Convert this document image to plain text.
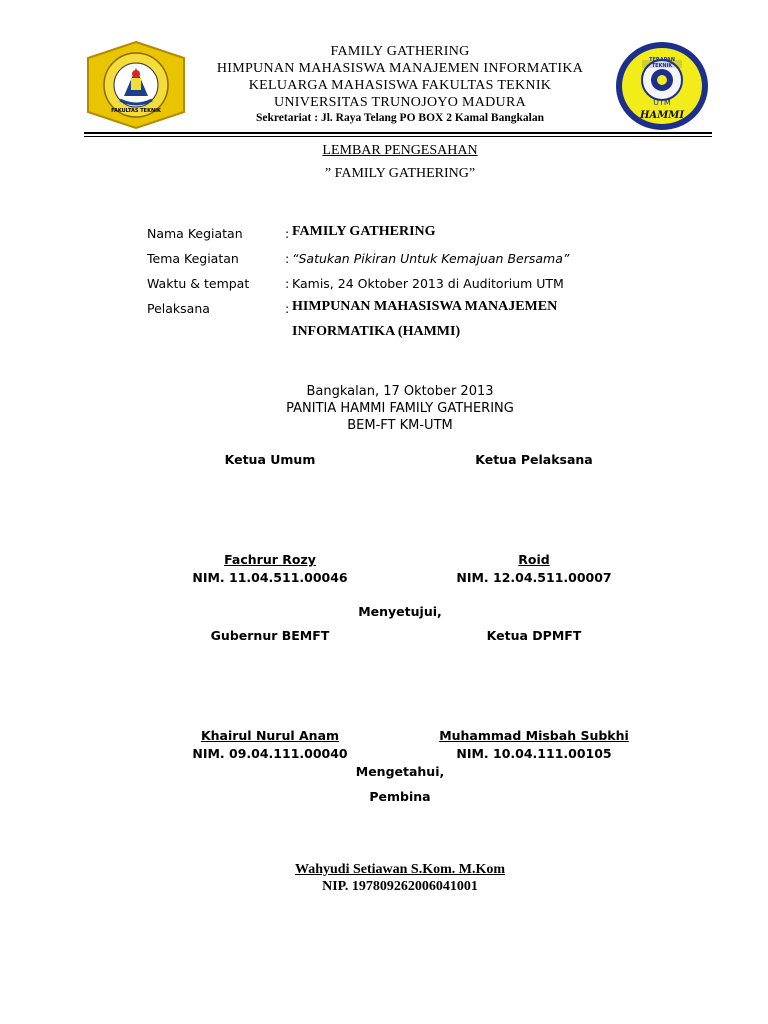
FAKULTAS TEKNIK
TERAPAN TEKNIK
UTM
HAMMI
FAMILY GATHERING
HIMPUNAN MAHASISWA MANAJEMEN INFORMATIKA
KELUARGA MAHASISWA FAKULTAS TEKNIK
UNIVERSITAS TRUNOJOYO MADURA
Sekretariat : Jl. Raya Telang PO BOX 2 Kamal Bangkalan
LEMBAR PENGESAHAN
” FAMILY GATHERING”
Nama Kegiatan	: FAMILY GATHERING
Tema Kegiatan	: “Satukan Pikiran Untuk Kemajuan Bersama”
Waktu & tempat	: Kamis, 24 Oktober 2013 di Auditorium UTM
Pelaksana	: HIMPUNAN MAHASISWA MANAJEMEN
INFORMATIKA (HAMMI)
Bangkalan, 17 Oktober 2013
PANITIA HAMMI FAMILY GATHERING
BEM-FT KM-UTM
Ketua Umum	Ketua Pelaksana
Fachrur Rozy
NIM. 11.04.511.00046
Roid
NIM. 12.04.511.00007
Menyetujui,
Gubernur BEMFT	Ketua DPMFT
Khairul Nurul Anam
NIM. 09.04.111.00040
Muhammad Misbah Subkhi
NIM. 10.04.111.00105
Mengetahui,
Pembina
Wahyudi Setiawan S.Kom. M.Kom
NIP. 197809262006041001
